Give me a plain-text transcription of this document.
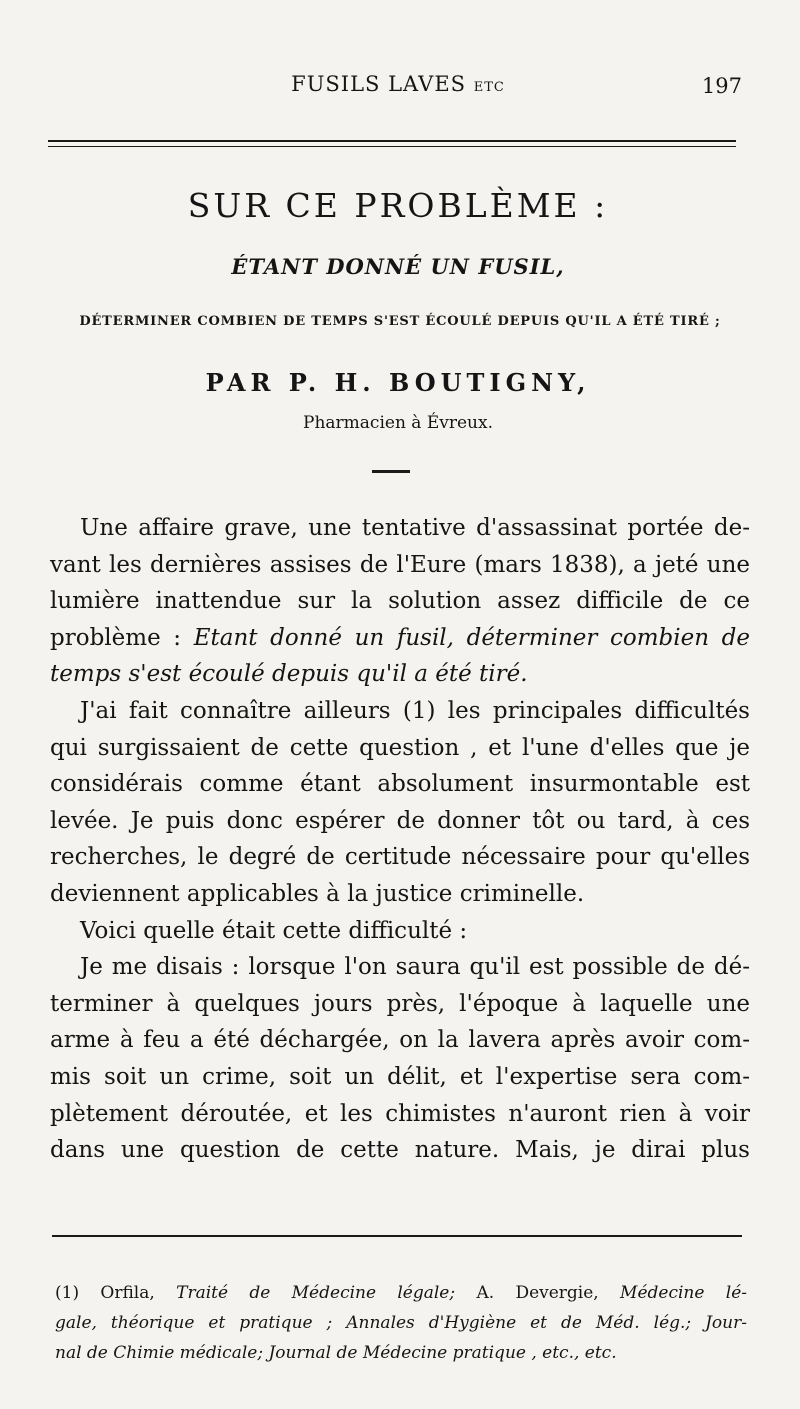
FUSILS LAVES ETC	197
SUR CE PROBLÈME :
ÉTANT DONNÉ UN FUSIL,
DÉTERMINER COMBIEN DE TEMPS S'EST ÉCOULÉ DEPUIS QU'IL A ÉTÉ TIRÉ ;
PAR P. H. BOUTIGNY,
Pharmacien à Évreux.
Une affaire grave, une tentative d'assassinat portée de-
vant les dernières assises de l'Eure (mars 1838), a jeté une
lumière inattendue sur la solution assez difficile de ce
problème : Etant donné un fusil, déterminer combien de
temps s'est écoulé depuis qu'il a été tiré.
J'ai fait connaître ailleurs (1) les principales difficultés
qui surgissaient de cette question , et l'une d'elles que je
considérais comme étant absolument insurmontable est
levée. Je puis donc espérer de donner tôt ou tard, à ces
recherches, le degré de certitude nécessaire pour qu'elles
deviennent applicables à la justice criminelle.
Voici quelle était cette difficulté :
Je me disais : lorsque l'on saura qu'il est possible de dé-
terminer à quelques jours près, l'époque à laquelle une
arme à feu a été déchargée, on la lavera après avoir com-
mis soit un crime, soit un délit, et l'expertise sera com-
plètement déroutée, et les chimistes n'auront rien à voir
dans une question de cette nature. Mais, je dirai plus
(1) Orfila, Traité de Médecine légale; A. Devergie, Médecine lé-
gale, théorique et pratique ; Annales d'Hygiène et de Méd. lég.; Jour-
nal de Chimie médicale; Journal de Médecine pratique , etc., etc.
